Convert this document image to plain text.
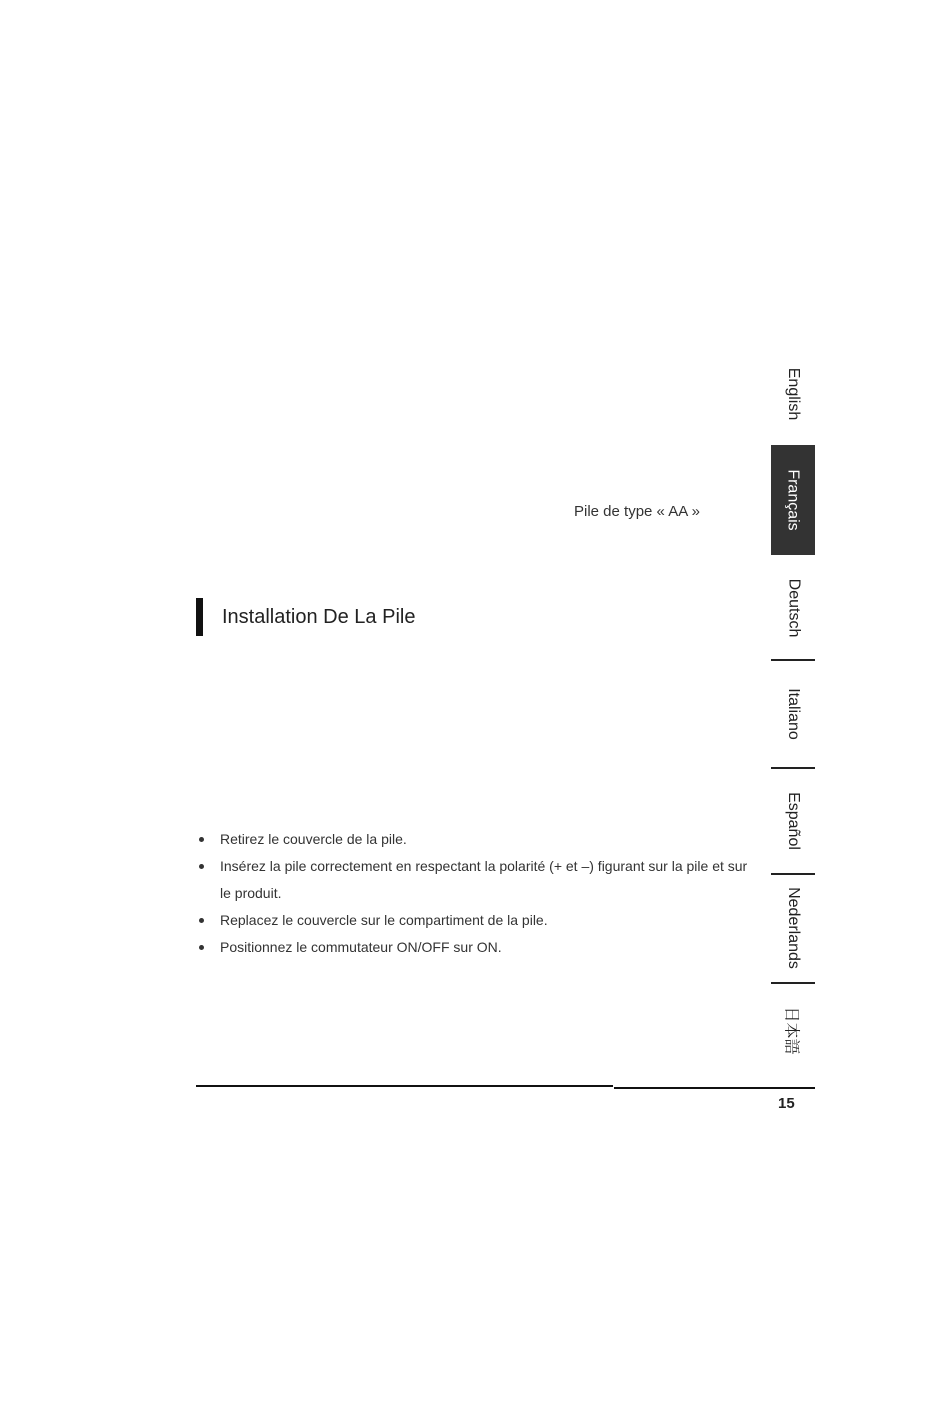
OFF	ON
Connect
OFF	ON
Connect
Pile de type « AA »
Installation De La Pile
Connect
OFF	ON
Retirez le couvercle de la pile.
Insérez la pile correctement en respectant la polarité (+ et –) figurant sur la pile et sur le produit.
Replacez le couvercle sur le compartiment de la pile.
Positionnez le commutateur ON/OFF sur ON.
English
Français
Deutsch
Italiano
Español
Nederlands
日本語
15
